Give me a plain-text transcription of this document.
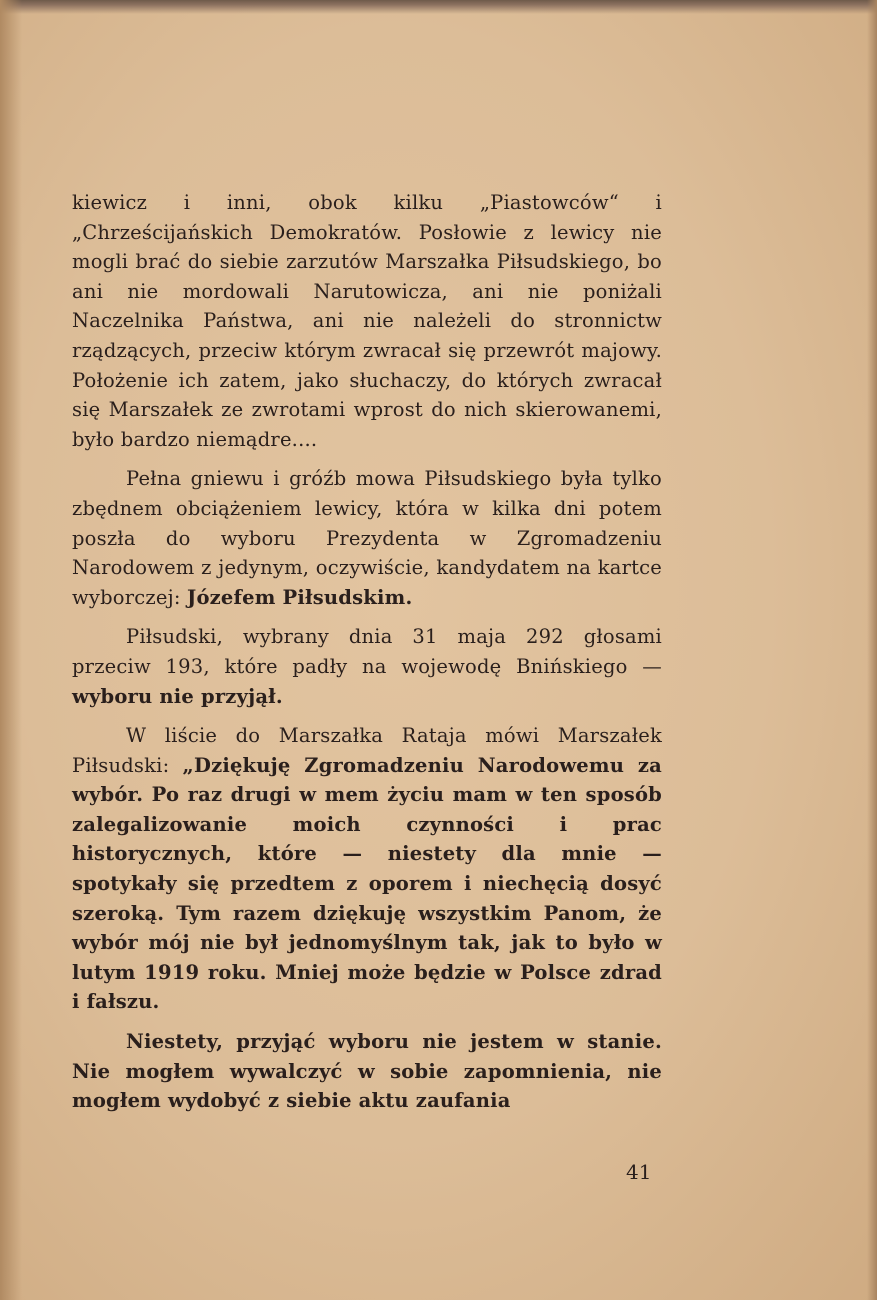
kiewicz i inni, obok kilku „Piastowców“ i „Chrześcijańskich Demokratów. Posłowie z lewicy nie mogli brać do siebie zarzutów Marszałka Piłsudskiego, bo ani nie mordowali Narutowicza, ani nie poniżali Naczelnika Państwa, ani nie należeli do stronnictw rządzących, przeciw którym zwracał się przewrót majowy. Położenie ich zatem, jako słuchaczy, do których zwracał się Marszałek ze zwrotami wprost do nich skierowanemi, było bardzo niemądre....

Pełna gniewu i gróźb mowa Piłsudskiego była tylko zbędnem obciążeniem lewicy, która w kilka dni potem poszła do wyboru Prezydenta w Zgromadzeniu Narodowem z jedynym, oczywiście, kandydatem na kartce wyborczej: Józefem Piłsudskim.

Piłsudski, wybrany dnia 31 maja 292 głosami przeciw 193, które padły na wojewodę Bnińskiego — wyboru nie przyjął.

W liście do Marszałka Rataja mówi Marszałek Piłsudski: „Dziękuję Zgromadzeniu Narodowemu za wybór. Po raz drugi w mem życiu mam w ten sposób zalegalizowanie moich czynności i prac historycznych, które — niestety dla mnie — spotykały się przedtem z oporem i niechęcią dosyć szeroką. Tym razem dziękuję wszystkim Panom, że wybór mój nie był jednomyślnym tak, jak to było w lutym 1919 roku. Mniej może będzie w Polsce zdrad i fałszu.

Niestety, przyjąć wyboru nie jestem w stanie. Nie mogłem wywalczyć w sobie zapomnienia, nie mogłem wydobyć z siebie aktu zaufania

41
